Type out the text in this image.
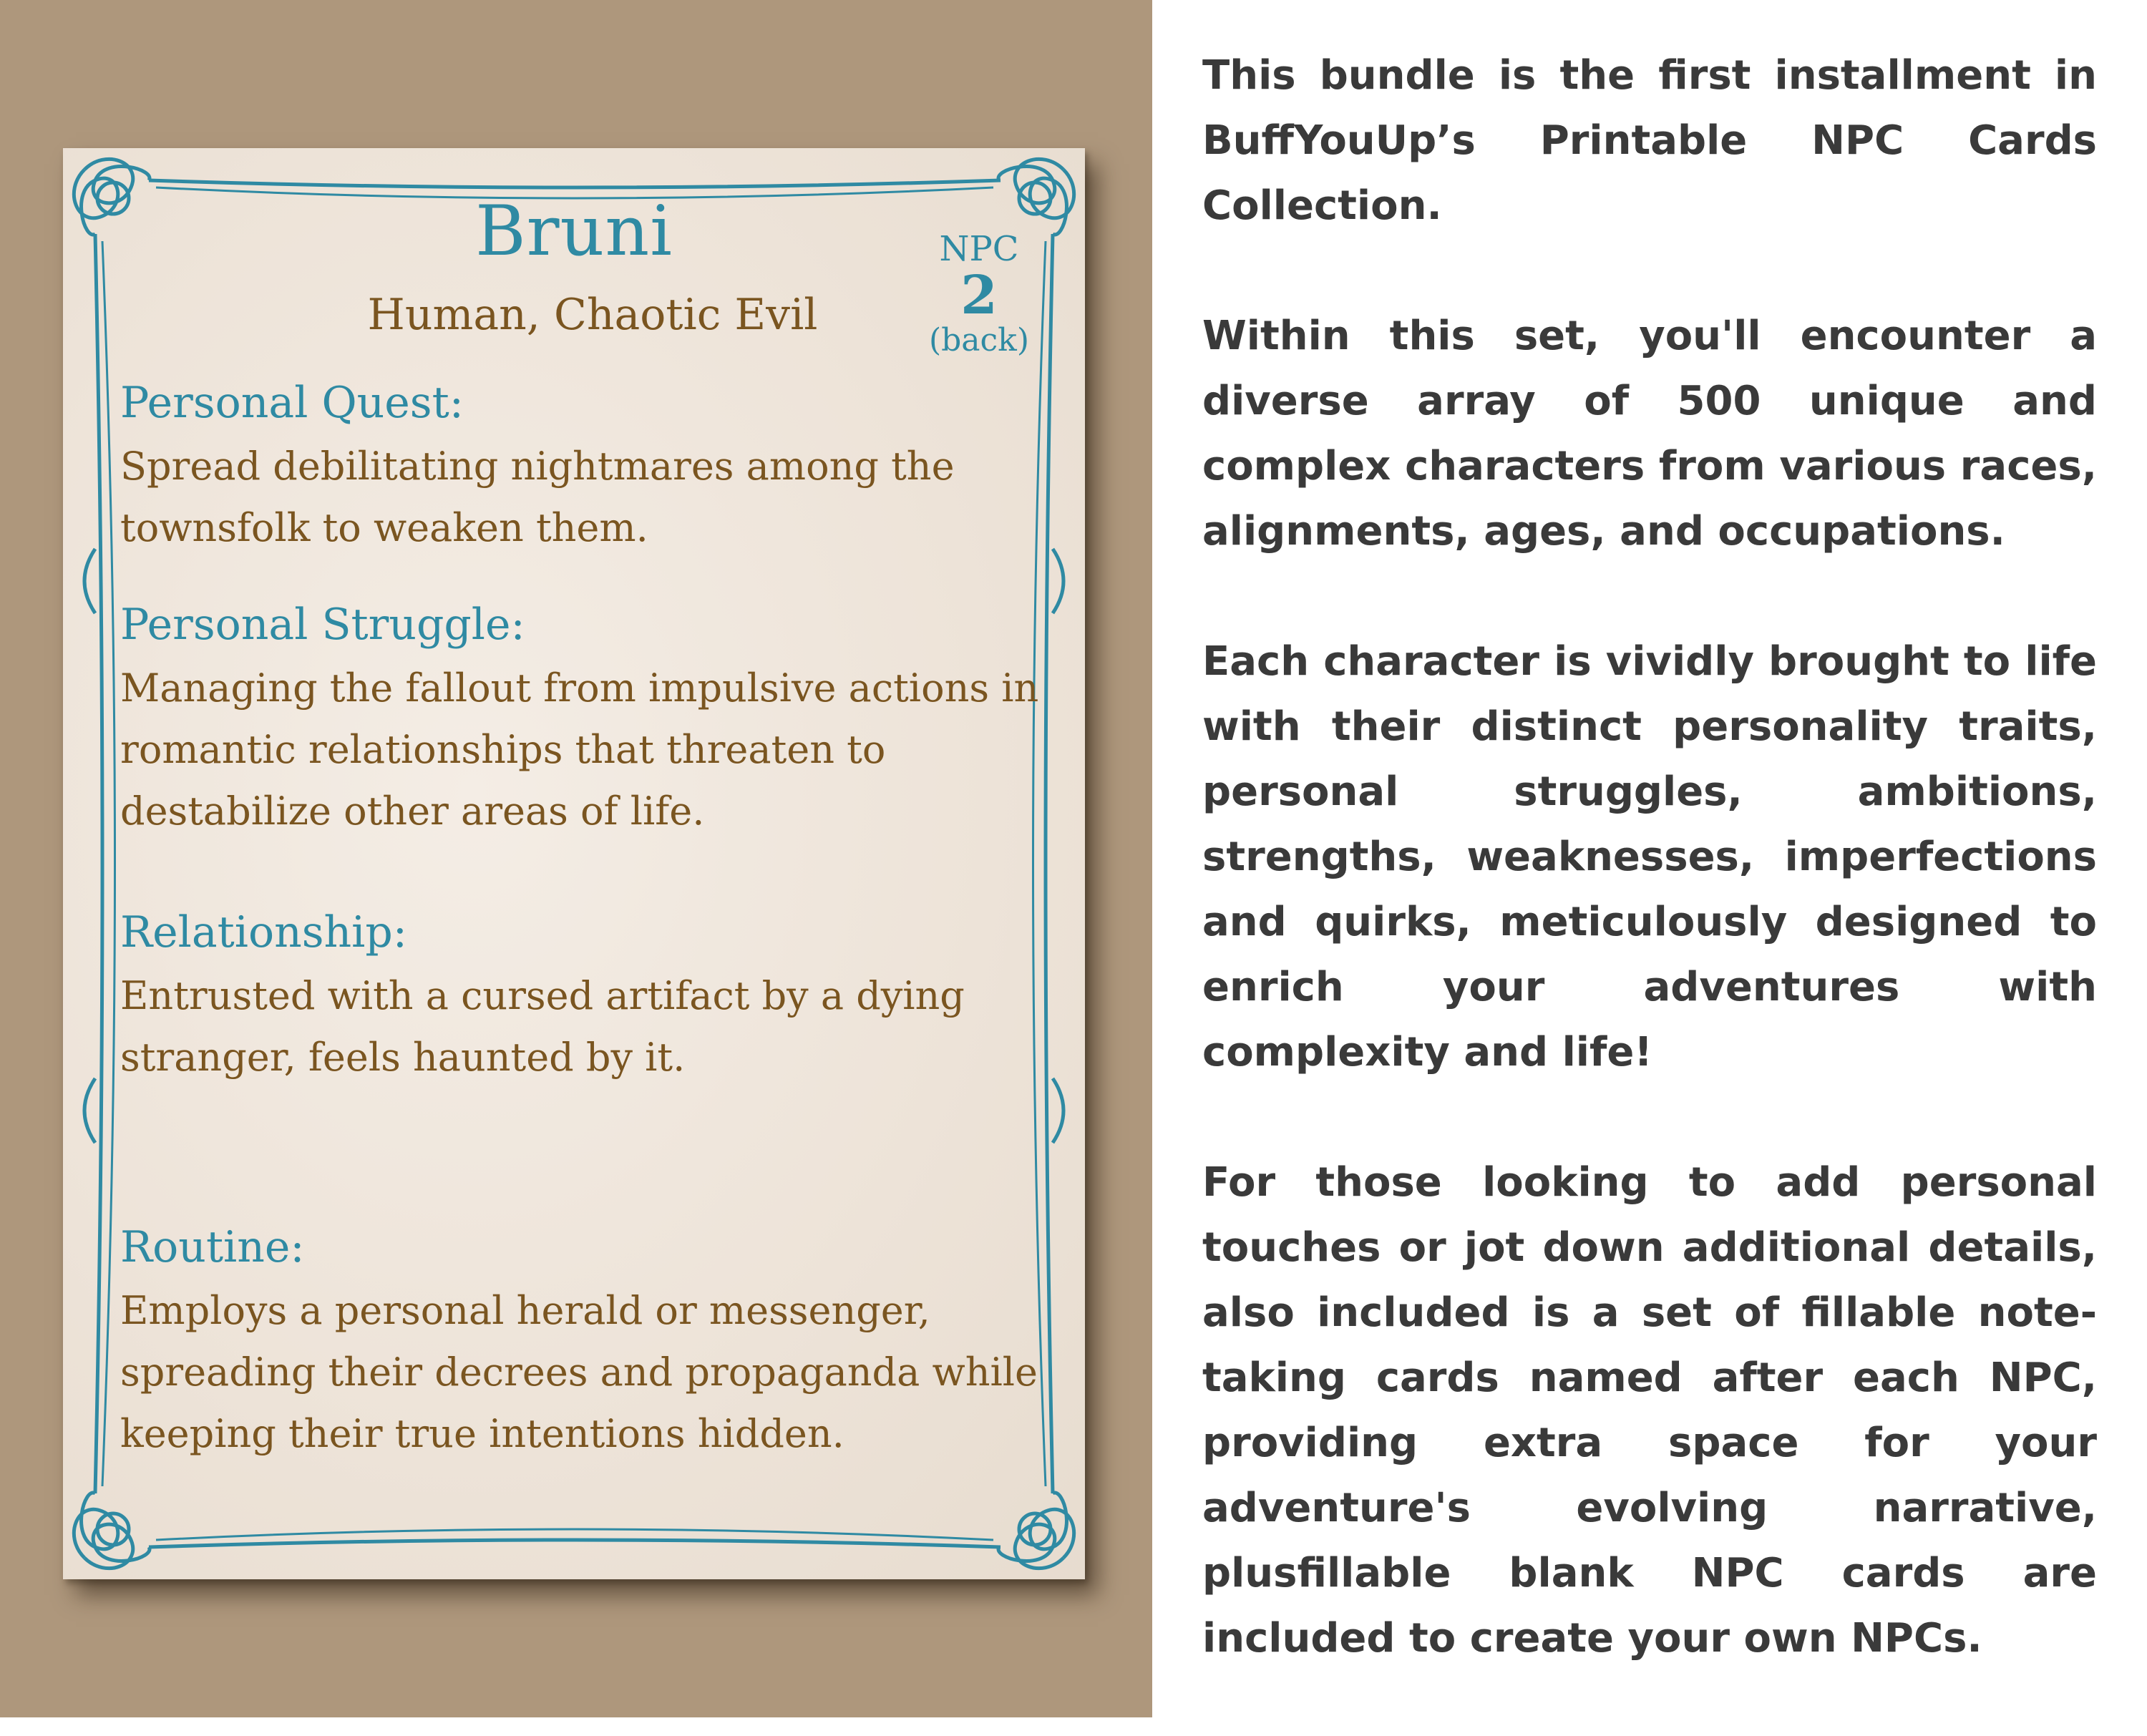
Bruni
Human, Chaotic Evil
NPC
2
(back)
Personal Quest:
Spread debilitating nightmares among the townsfolk to weaken them.
Personal Struggle:
Managing the fallout from impulsive actions in romantic relationships that threaten to destabilize other areas of life.
Relationship:
Entrusted with a cursed artifact by a dying stranger, feels haunted by it.
Routine:
Employs a personal herald or messenger, spreading their decrees and propaganda while keeping their true intentions hidden.

This bundle is the first installment in BuffYouUp’s Printable NPC Cards Collection.

Within this set, you'll encounter a diverse array of 500 unique and complex characters from various races, alignments, ages, and occupations.

Each character is vividly brought to life with their distinct personality traits, personal struggles, ambitions, strengths, weaknesses, imperfections and quirks, meticulously designed to enrich your adventures with complexity and life!

For those looking to add personal touches or jot down additional details, also included is a set of fillable note-taking cards named after each NPC, providing extra space for your adventure's evolving narrative, plusfillable blank NPC cards are included to create your own NPCs.
